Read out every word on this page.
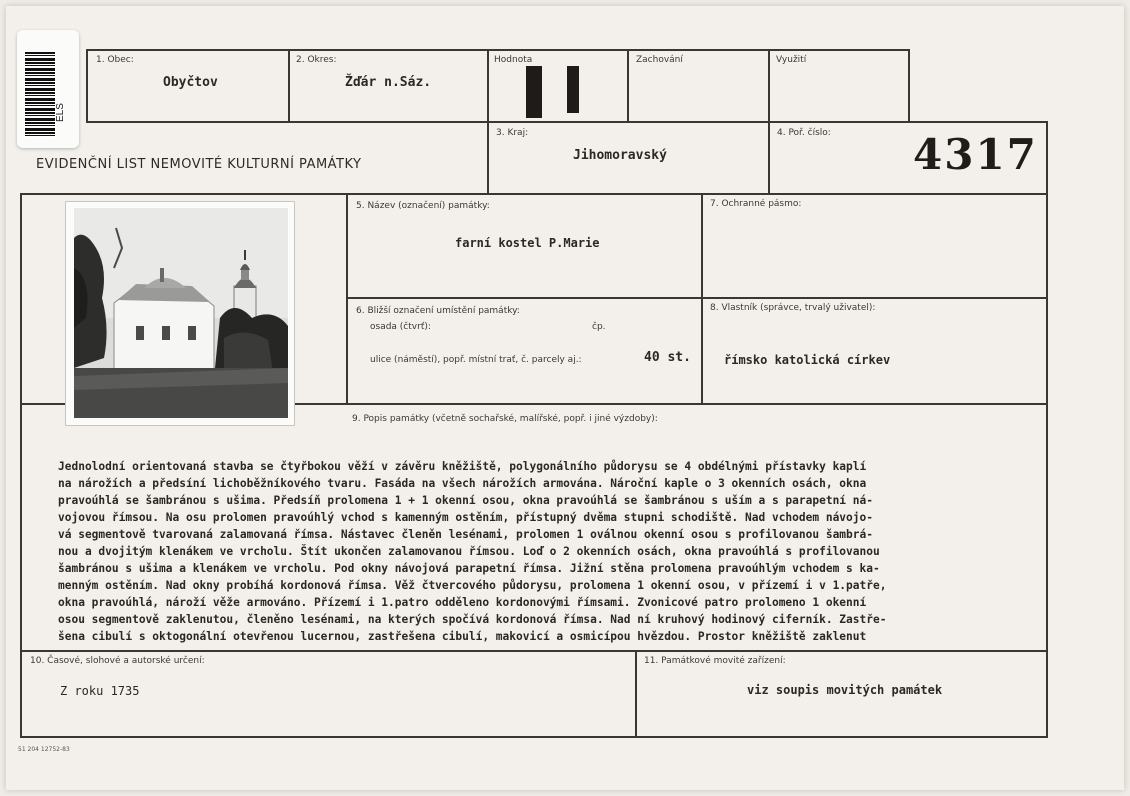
ELS
EVIDENČNÍ LIST NEMOVITÉ KULTURNÍ PAMÁTKY
1. Obec:
Obyčtov
2. Okres:
Žďár n.Sáz.
Hodnota	Zachování	Využití
3. Kraj:
Jihomoravský
4. Poř. číslo: 4317
5. Název (označení) památky:
farní kostel P.Marie
7. Ochranné pásmo:
6. Bližší označení umístění památky:
osada (čtvrť):	čp.
ulice (náměstí), popř. místní trať, č. parcely aj.:	40 st.
8. Vlastník (správce, trvalý uživatel):
římsko katolická církev
9. Popis památky (včetně sochařské, malířské, popř. i jiné výzdoby):
Jednolodní orientovaná stavba se čtyřbokou věží v závěru kněžiště, polygonálního půdorysu se 4 obdélnými přístavky kaplí
na nárožích a předsíní lichoběžníkového tvaru. Fasáda na všech nárožích armována. Nároční kaple o 3 okenních osách, okna
pravoúhlá se šambránou s ušima. Předsíň prolomena 1 + 1 okenní osou, okna pravoúhlá se šambránou s uším a s parapetní ná-
vojovou římsou. Na osu prolomen pravoúhlý vchod s kamenným ostěním, přístupný dvěma stupni schodiště. Nad vchodem návojo-
vá segmentově tvarovaná zalamovaná římsa. Nástavec členěn lesénami, prolomen 1 oválnou okenní osou s profilovanou šambrá-
nou a dvojitým klenákem ve vrcholu. Štít ukončen zalamovanou římsou. Loď o 2 okenních osách, okna pravoúhlá s profilovanou
šambránou s ušima a klenákem ve vrcholu. Pod okny návojová parapetní římsa. Jižní stěna prolomena pravoúhlým vchodem s ka-
menným ostěním. Nad okny probíhá kordonová římsa. Věž čtvercového půdorysu, prolomena 1 okenní osou, v přízemí i v 1.patře,
okna pravoúhlá, nároží věže armováno. Přízemí i 1.patro odděleno kordonovými římsami. Zvonicové patro prolomeno 1 okenní
osou segmentově zaklenutou, členěno lesénami, na kterých spočívá kordonová římsa. Nad ní kruhový hodinový ciferník. Zastře-
šena cibulí s oktogonální otevřenou lucernou, zastřešena cibulí, makovicí a osmicípou hvězdou. Prostor kněžiště zaklenut
10. Časové, slohové a autorské určení:
Z roku 1735
11. Památkové movité zařízení:
viz soupis movitých památek
51 204 12752-83
